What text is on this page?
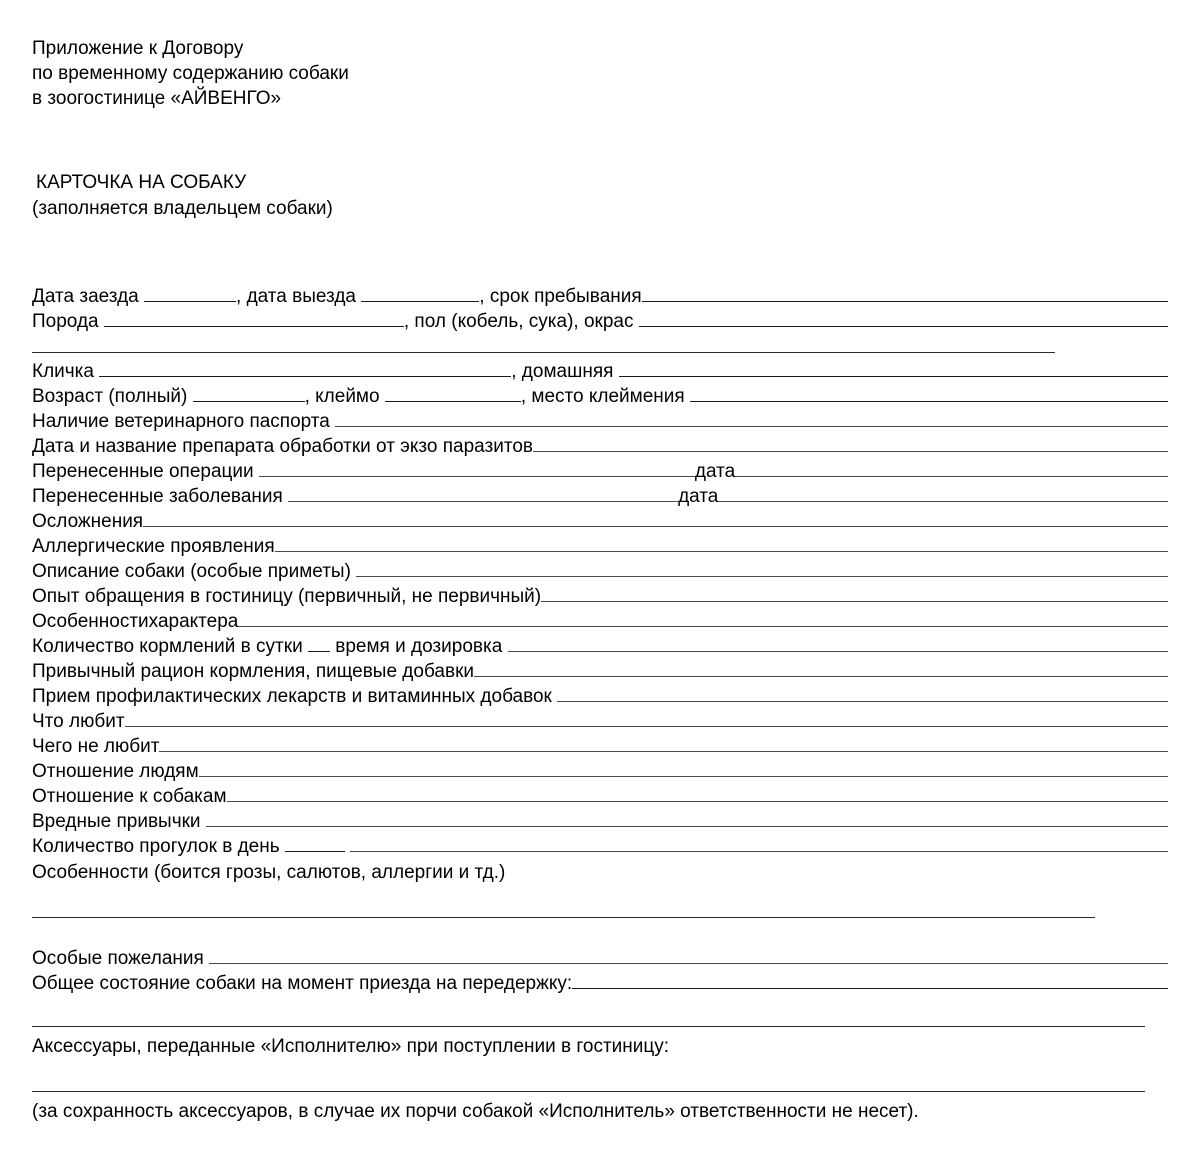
Приложение к Договору
по временному содержанию собаки
в зоогостинице «АЙВЕНГО»
КАРТОЧКА НА СОБАКУ
(заполняется владельцем собаки)
Дата заезда	, дата выезда	, срок пребывания
Порода	, пол (кобель, сука), окрас
Кличка	, домашняя
Возраст (полный)	, клеймо	, место клеймения
Наличие ветеринарного паспорта
Дата и название препарата обработки от экзо паразитов
Перенесенные операции	дата
Перенесенные заболевания	дата
Осложнения
Аллергические проявления
Описание собаки (особые приметы)
Опыт обращения в гостиницу (первичный, не первичный)
Особенностихарактера
Количество кормлений в сутки время и дозировка
Привычный рацион кормления, пищевые добавки
Прием профилактических лекарств и витаминных добавок
Что любит
Чего не любит
Отношение людям
Отношение к собакам
Вредные привычки
Количество прогулок в день

Особенности (боится грозы, салютов, аллергии и тд.)
Особые пожелания
Общее состояние собаки на момент приезда на передержку:
Аксессуары, переданные «Исполнителю» при поступлении в гостиницу:
(за сохранность аксессуаров, в случае их порчи собакой «Исполнитель» ответственности не несет).
